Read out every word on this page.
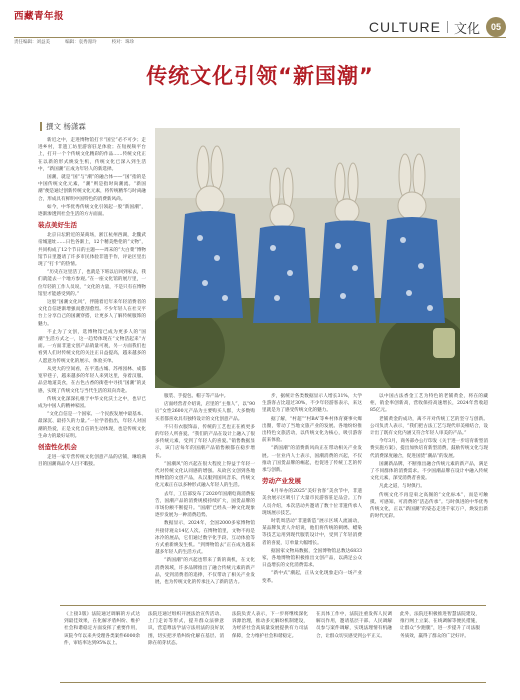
西藏青年报
CULTURE 文化	05
责任编辑：刘益美	编辑：袁秀漫玲	校对：珠珍
传统文化引领“新国潮”
撰文 杨潇霖

新近之中，走进博物馆打卡“国宝”必不可少；走进乡村，非遗工坊里游客驻足体验；在短视频平台上，打开一个个传统文化精彩的作品……传统文化正在以新的形式焕发生机，传统文化已深入到生活中，“新国潮”正成为年轻人的新选择。

国潮，就是“国”与“潮”的融合体——“国”指的是中国传统文化元素，“潮”则是指时尚潮流。“新国潮”便是通过创新传统文化元素，将传统精华与时尚融合，形成具有鲜明中国特色的消费新风尚。

如今，中华优秀传统文化引领起一股“新国潮”，逐渐渗透到社会生活的方方面面。

装点美好生活

北京日坛附近的某商场，浙江杭州西湖，北魏武帝城遗址……日色各渐上，12个精美绝伦的“文物”，共同构成了12个节日的主题——周末的“大白菜”博物馆节日里邀请了许多市民体验非遗手作，评论区里出现了“打卡”的热情。

“历史在这里活了，也就是下班以后回到家去，我们就能去一个地方参观。”在一座文化馆的展厅里，一位年轻的工作人员说，“文化的力量，不是只有在博物馆里才能感受到的。”

这股“国潮文化风”，伴随着近年来年轻消费者的文化自信逐渐增强而愈刮愈烈。不少年轻人在社交平台上分享自己的国潮穿搭，让更多人了解传统服饰的魅力。

不止为了文创，选博物馆已成为更多人的“国潮”生活方式之一，这一趋势体现在“文物活起来”方面。一方面非遗文创产品销量可观，另一方面我们也看到人们对传统文化的关注正日益提高，越来越多的人愿意为传统文化的展示、体验买单。

从更大的空间看，在平遥古城、苏州园林、成都宽窄巷子，越来越多的年轻人来到这里，身着汉服、品尝地道美食，在古色古香的街巷中寻找“国潮”的灵感，实现了传统文化与当代生活的双向奔赴。

传统文化深深扎根于中华文化沃土之中，也早已成为中国人的精神家园。

“文化自信是一个国家、一个民族发展中最基本、最深沉、最持久的力量。”一位学者指出，年轻人对国潮的热爱，正是文化自信的生动体现，也是传统文化生命力的最好证明。

创造性化机会

走进一家专营传统文化创意产品的店铺，琳琅满目的国潮商品令人目不暇接。

服装、手提包、帽子等产品中。

店面经营者介绍说，店里的“主推人”，以“90后”女性2600元产品为主要购买人群，大多数购买者都喜欢具有独特设计的文化创意产品。

不只有衣服饰品，传统的工艺也正在被更多的年轻人所喜爱。“我们的产品在设计上融入了很多传统元素，受到了年轻人的喜爱。”销售数据显示，该门店每年的国潮产品销售额都在稳步增长。

“国潮风”的兴起在很大程度上得益于年轻一代对传统文化认同感的增强。从故宫文创到各地博物馆的文创产品，从汉服到国风音乐，传统文化元素正在以多种形式融入年轻人的生活。

去年，工信部发布了2020年国潮电商消费报告，国潮产品的消费规模持续扩大，国货品牌的市场份额不断提升。“国潮”已经从一种文化现象逐步发展为一种消费趋势。

数据显示，2024年，全国2000多家博物馆共接待观众14亿人次。在博物馆里，文物不再是冰冷的展品，它们通过数字化手段、互动体验等方式重新焕发生机。“到博物馆去”正在成为越来越多年轻人的生活方式。

“新国潮”的兴起也带来了新的商机，在文化消费领域，许多品牌推出了融合传统元素的新产品，受到消费者的追捧，不仅带动了相关产业发展，也为传统文化的传承注入了新的活力。

步，据统计各类数据显示人增长31%，大学生游客占比超过30%，不少年轻游客表示，来这里就是为了感受传统文化的魅力。

据了解，“村超”“村BA”等乡村体育赛事火爆出圈，带动了当地文旅产业的发展。各地纷纷推出特色文旅活动，以传统文化为核心，吸引游客前来体验。

“新国潮”的消费新风尚正在带动相关产业发展。一位业内人士表示，国潮消费的兴起，不仅推动了国货品牌的崛起，也促进了传统工艺的传承与创新。

劳动产业发展

4月举办的2025“美好食客”美食节中，非遗美食展示区吸引了大量市民游客驻足品尝。工作人员介绍，本次活动共邀请了数十位非遗传承人现场展示技艺。

时装周活动“非遗新造”展示区域人流涌动，某品牌负责人介绍说，他们将传统的刺绣、蜡染等技艺运用到现代服装设计中，受到了年轻消费者的喜爱，订单量大幅增长。

据国家文物局数据，全国博物馆总数达6833家，各地博物馆积极推出文创产品，以满足公众日益增长的文化消费需求。

“新中式”潮起，正从文化现象走向一场产业变革。

以中国古法香金工艺为特色的老铺黄金，将在的藏柜，销金率创新高，营收保持高速增长，2024年营收超85亿元。

老铺黄金的成功，离不开对传统工艺的坚守与创新。公司负责人表示，“我们把古法工艺与现代审美相结合，设计出了既有文化内涵又符合年轻人审美的产品。”

今年3月，商务部办公厅印发《关于进一步培育新型消费实施方案》，提出加快培育新型消费，鼓励传统文化与现代消费深度融合，促进国货“潮品”的发展。

国潮新品牌，不断推出融合传统元素的新产品，满足了不同群体的消费需求。不少国潮品牌在设计中融入传统文化元素，深受消费者喜爱。

凡此之道，与时俱行。

传统文化不再是束之高阁的“文化标本”，而是可触摸、可感知、可消费的“活态传承”。与时俱进的中华优秀传统文化，正以“新国潮”的姿态走进千家万户，焕发出新的时代光彩。

《上接3版》法院通过调解的方式达到最佳效果，在化解矛盾纠纷、维护社会和谐稳定方面发挥了重要作用，该院今年以来共受理各类案件6000余件，审结率达到95%以上。
法院还通过组织开展法治宣传活动、上门走访等形式，提升群众法律意识，营造尊法学法守法用法的良好氛围，切实把矛盾纠纷化解在基层、消除在萌芽状态。
法院负责人表示，下一步将继续深化诉源治理，推动多元解纷机制建设，为经济社会高质量发展提供有力司法保障，全力维护社会和谐稳定。
在具体工作中，法院注重发挥人民调解员作用，邀请基层干部、人民调解员参与案件调解，实现法理情有机融合，让群众切实感受到公平正义。
此外，法院还积极推进智慧法院建设，推行网上立案、在线调解等便民措施，让群众“少跑腿”，进一步提升了司法服务质效，赢得了群众的广泛好评。
